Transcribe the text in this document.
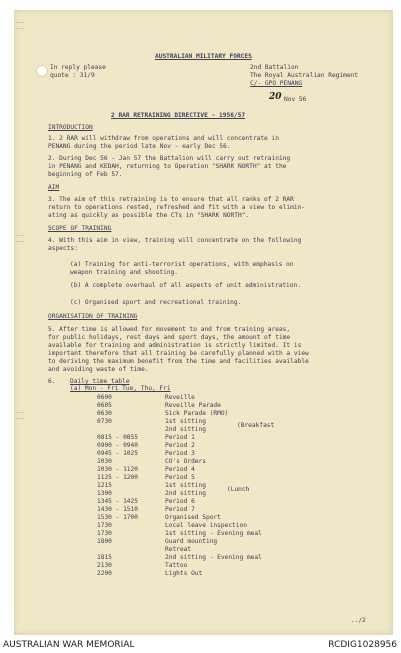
AUSTRALIAN MILITARY FORCES
In reply please
quote : 31/9
2nd Battalion
The Royal Australian Regiment
C/- GPO PENANG
20 Nov 56
2 RAR RETRAINING DIRECTIVE - 1956/57
INTRODUCTION
1. 2 RAR will withdraw from operations and will concentrate in
PENANG during the period late Nov - early Dec 56.
2. During Dec 56 - Jan 57 the Battalion will carry out retraining
in PENANG and KEDAH, returning to Operation "SHARK NORTH" at the
beginning of Feb 57.
AIM
3. The aim of this retraining is to ensure that all ranks of 2 RAR
return to operations rested, refreshed and fit with a view to elimin-
ating as quickly as possible the CTs in "SHARK NORTH".
SCOPE OF TRAINING
4. With this aim in view, training will concentrate on the following
aspects:
(a) Training for anti-terrorist operations, with emphasis on
weapon training and shooting.
(b) A complete overhaul of all aspects of unit administration.
(c) Organised sport and recreational training.
ORGANISATION OF TRAINING
5. After time is allowed for movement to and from training areas,
for public holidays, rest days and sport days, the amount of time
available for training and administration is strictly limited. It is
important therefore that all training be carefully planned with a view
to deriving the maximum benefit from the time and facilities available
and avoiding waste of time.
6. Daily time table
(a) Mon - Fri Tue, Thu, Fri
0600	Reveille
0605	Reveille Parade
0630	Sick Parade (RMO)
0730	1st sitting
2nd sitting
0815 - 0855	Period 1
0900 - 0940	Period 2
0945 - 1025	Period 3
1030	CO's Orders
1030 - 1120	Period 4
1125 - 1200	Period 5
1215	1st sitting
1300	2nd sitting
1345 - 1425	Period 6
1430 - 1510	Period 7
1530 - 1700	Organised Sport
1730	Local leave inspection
1730	1st sitting - Evening meal
1800	Guard mounting
Retreat
1815	2nd sitting - Evening meal
2130	Tattoo
2200	Lights Out
(Breakfast
(Lunch
../2
AUSTRALIAN WAR MEMORIAL	RCDIG1028956
